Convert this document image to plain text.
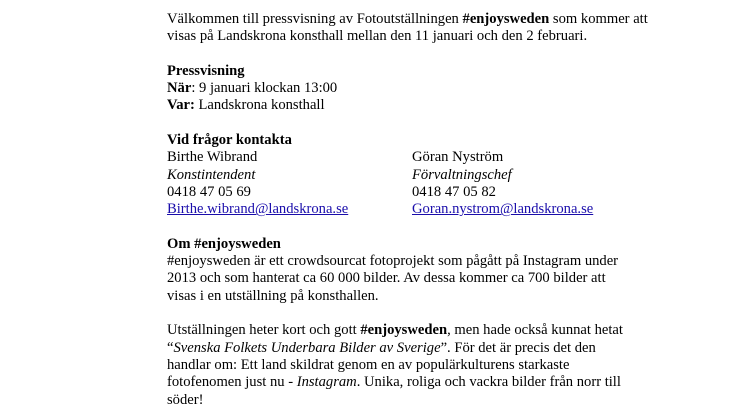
Välkommen till pressvisning av Fotoutställningen #enjoysweden som kommer att visas på Landskrona konsthall mellan den 11 januari och den 2 februari.

Pressvisning

När: 9 januari klockan 13:00

Var: Landskrona konsthall

Vid frågor kontakta

Birthe Wibrand
Konstintendent
0418 47 05 69
Birthe.wibrand@landskrona.se
Göran Nyström
Förvaltningschef
0418 47 05 82
Goran.nystrom@landskrona.se

Om #enjoysweden

#enjoysweden är ett crowdsourcat fotoprojekt som pågått på Instagram under

2013 och som hanterat ca 60 000 bilder. Av dessa kommer ca 700 bilder att

visas i en utställning på konsthallen.

Utställningen heter kort och gott #enjoysweden, men hade också kunnat hetat

“Svenska Folkets Underbara Bilder av Sverige”. För det är precis det den

handlar om: Ett land skildrat genom en av populärkulturens starkaste

fotofenomen just nu - Instagram. Unika, roliga och vackra bilder från norr till

söder!
